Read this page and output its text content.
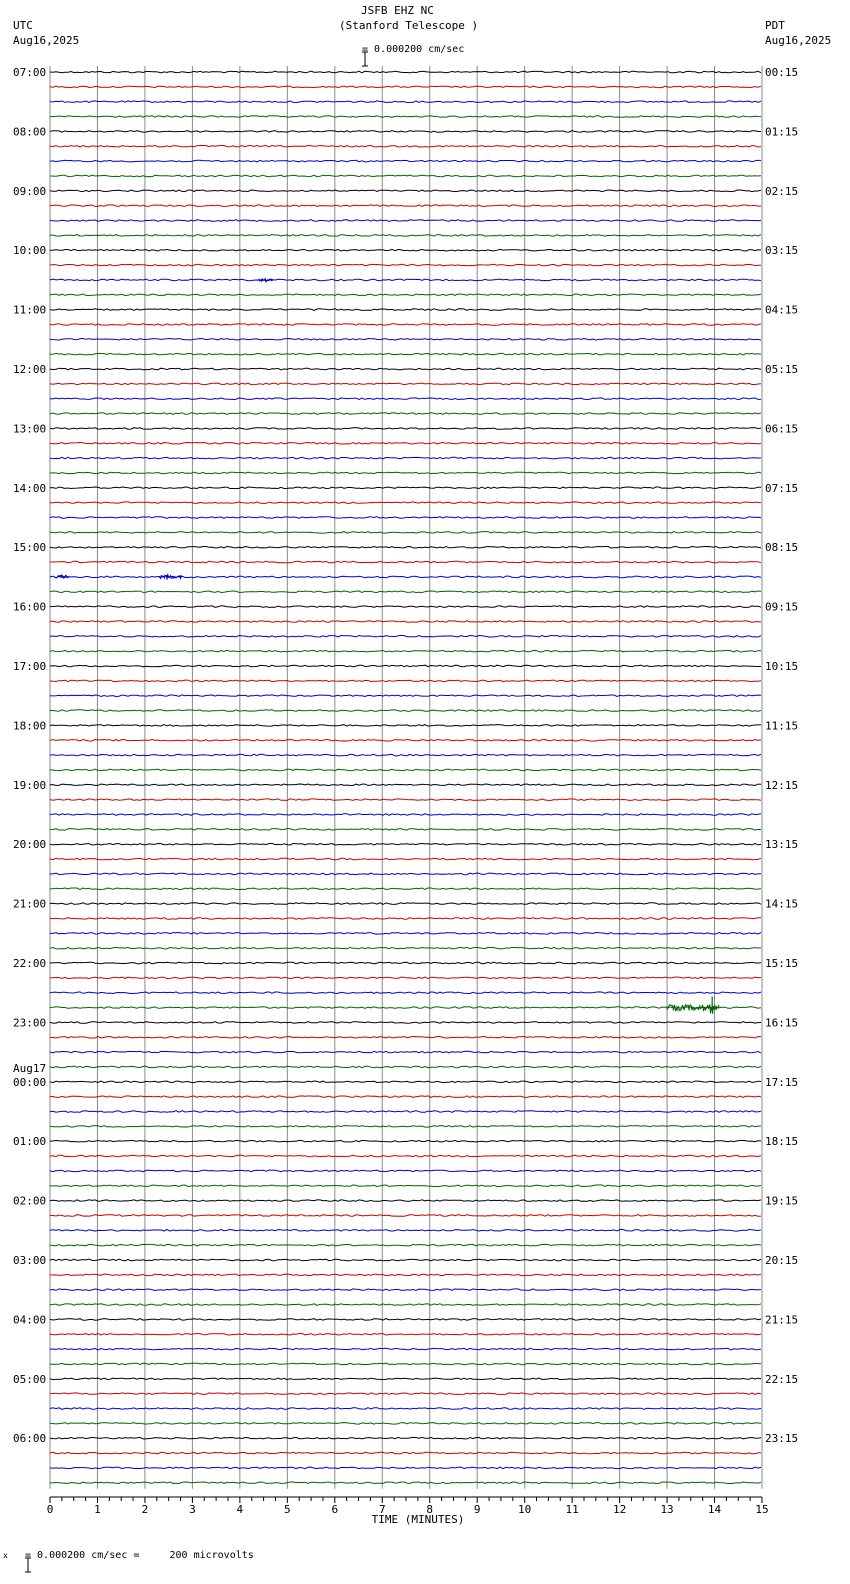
JSFB EHZ NC
(Stanford Telescope )

= 0.000200 cm/sec
UTC
Aug16,2025
PDT
Aug16,2025
07:00
08:00
09:00
10:00
11:00
12:00
13:00
14:00
15:00
16:00
17:00
18:00
19:00
20:00
21:00
22:00
23:00
00:00
01:00
02:00
03:00
04:00
05:00
06:00
00:15
01:15
02:15
03:15
04:15
05:15
06:15
07:15
08:15
09:15
10:15
11:15
12:15
13:15
14:15
15:15
16:15
17:15
18:15
19:15
20:15
21:15
22:15
23:15
Aug17
0	1	2	3	4	5	6	7	8	9	10	11	12	13	14	15
TIME (MINUTES)
x

= 0.000200 cm/sec =     200 microvolts
